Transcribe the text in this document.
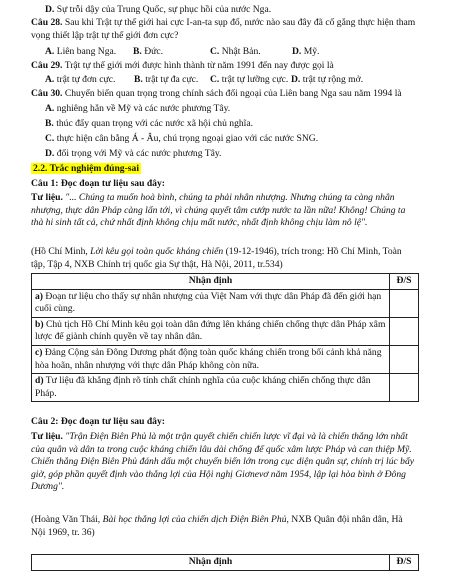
D. Sự trỗi dậy của Trung Quốc, sự phục hồi của nước Nga.
Câu 28. Sau khi Trật tự thế giới hai cực I-an-ta sụp đổ, nước nào sau đây đã cố gắng thực hiện tham vọng thiết lập trật tự thế giới đơn cực?
A. Liên bang Nga. B. Đức.	C. Nhật Bản.	D. Mỹ.
Câu 29. Trật tự thế giới mới được hình thành từ năm 1991 đến nay được gọi là
A. trật tự đơn cực. B. trật tự đa cực. C. trật tự lưỡng cực. D. trật tự rộng mở.
Câu 30. Chuyển biến quan trọng trong chính sách đối ngoại của Liên bang Nga sau năm 1994 là
A. nghiêng hẳn về Mỹ và các nước phương Tây.
B. thúc đẩy quan trọng với các nước xã hội chủ nghĩa.
C. thực hiện cân bằng Á - Âu, chú trọng ngoại giao với các nước SNG.
D. đối trọng với Mỹ và các nước phương Tây.
2.2. Trắc nghiệm đúng-sai
Câu 1: Đọc đoạn tư liệu sau đây:
Tư liệu. "... Chúng ta muốn hoà bình, chúng ta phải nhân nhượng. Nhưng chúng ta càng nhân nhượng, thực dân Pháp càng lấn tới, vì chúng quyết tâm cướp nước ta lần nữa! Không! Chúng ta thà hi sinh tất cả, chứ nhất định không chịu mất nước, nhất định không chịu làm nô lệ".
(Hồ Chí Minh, Lời kêu gọi toàn quốc kháng chiến (19-12-1946), trích trong: Hồ Chí Minh, Toàn tập, Tập 4, NXB Chính trị quốc gia Sự thật, Hà Nội, 2011, tr.534)
Nhận định	Đ/S
a) Đoạn tư liệu cho thấy sự nhân nhượng của Việt Nam với thực dân Pháp đã đến giới hạn cuối cùng.	
b) Chủ tịch Hồ Chí Minh kêu gọi toàn dân đứng lên kháng chiến chống thực dân Pháp xâm lược để giành chính quyền về tay nhân dân.	
c) Đảng Cộng sản Đông Dương phát động toàn quốc kháng chiến trong bối cảnh khả năng hòa hoãn, nhân nhượng với thực dân Pháp không còn nữa.	
d) Tư liệu đã khẳng định rõ tính chất chính nghĩa của cuộc kháng chiến chống thực dân Pháp.	
Câu 2: Đọc đoạn tư liệu sau đây:
Tư liệu. "Trận Điện Biên Phủ là một trận quyết chiến chiến lược vĩ đại và là chiến thắng lớn nhất của quân và dân ta trong cuộc kháng chiến lâu dài chống đế quốc xâm lược Pháp và can thiệp Mỹ. Chiến thắng Điện Biên Phủ đánh dấu một chuyển biến lớn trong cục diện quân sự, chính trị lúc bấy giờ, góp phần quyết định vào thắng lợi của Hội nghị Giơnevơ năm 1954, lập lại hòa bình ở Đông Dương".
(Hoàng Văn Thái, Bài học thắng lợi của chiến dịch Điện Biên Phủ, NXB Quân đội nhân dân, Hà Nội 1969, tr. 36)
Nhận định	Đ/S
